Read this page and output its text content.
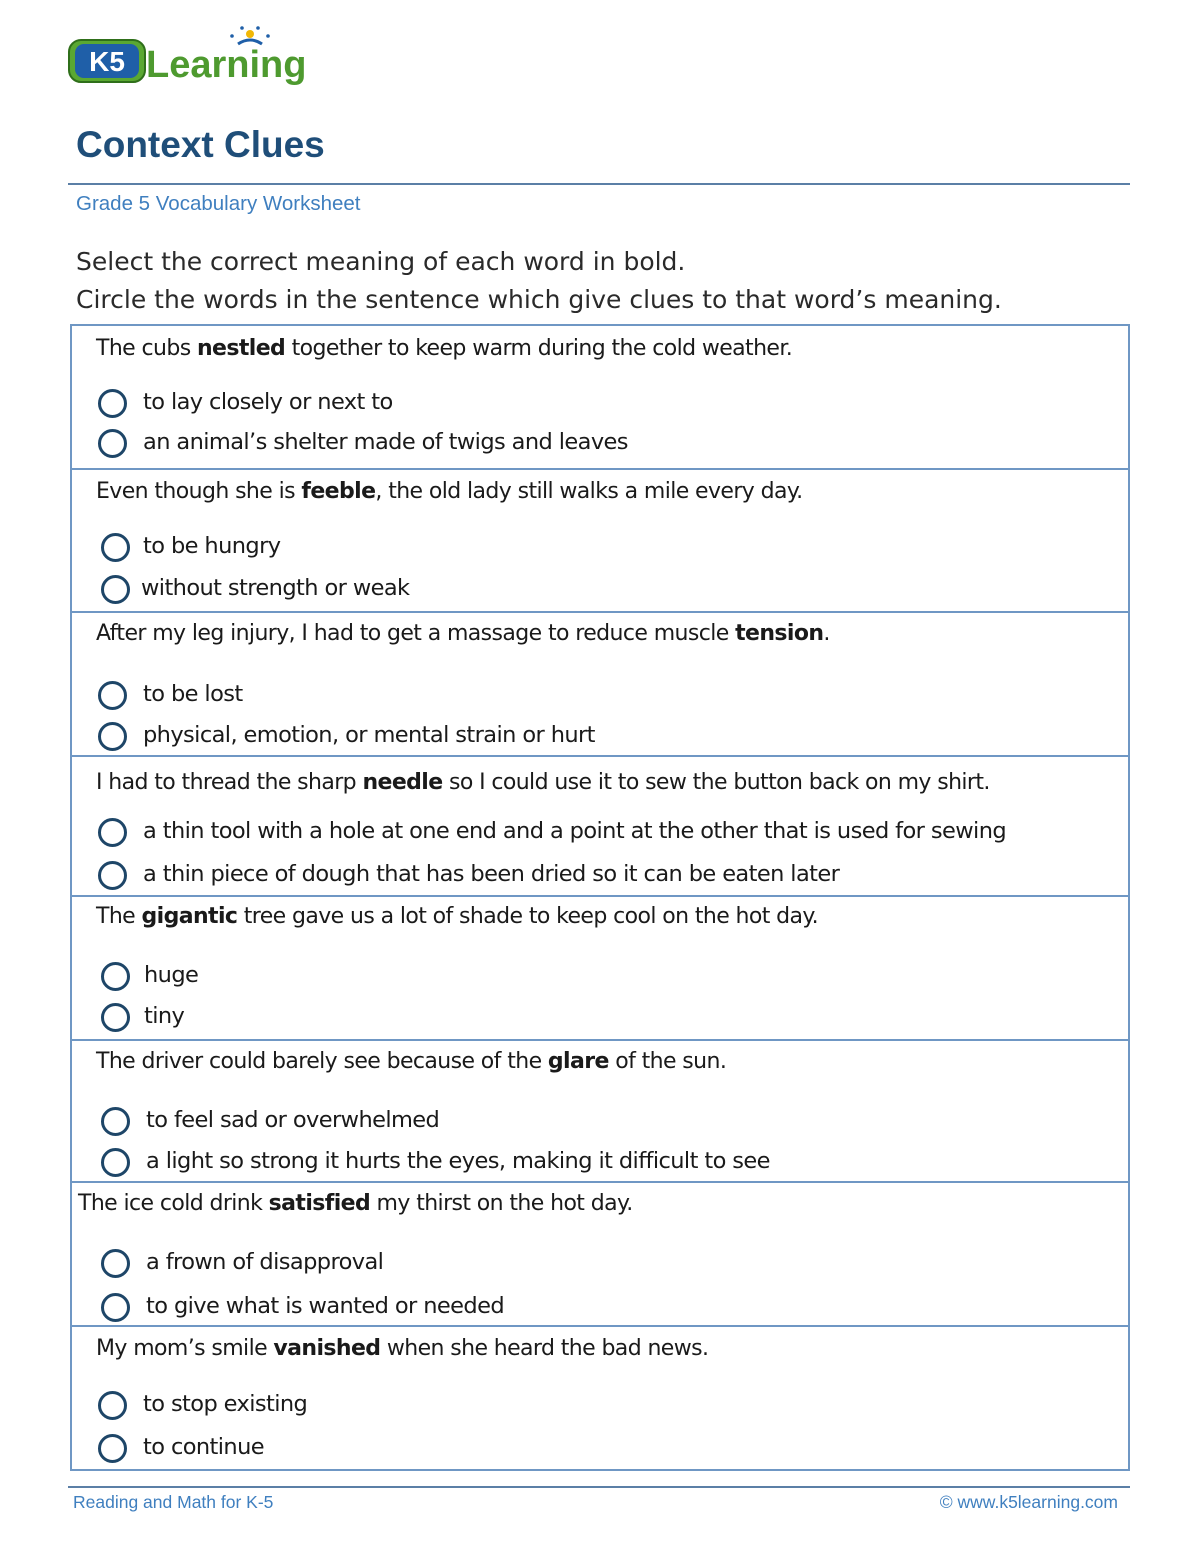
K5 Learning
Context Clues
Grade 5 Vocabulary Worksheet
Select the correct meaning of each word in bold.
Circle the words in the sentence which give clues to that word’s meaning.
The cubs nestled together to keep warm during the cold weather.
to lay closely or next to
an animal’s shelter made of twigs and leaves
Even though she is feeble, the old lady still walks a mile every day.
to be hungry
without strength or weak
After my leg injury, I had to get a massage to reduce muscle tension.
to be lost
physical, emotion, or mental strain or hurt
I had to thread the sharp needle so I could use it to sew the button back on my shirt.
a thin tool with a hole at one end and a point at the other that is used for sewing
a thin piece of dough that has been dried so it can be eaten later
The gigantic tree gave us a lot of shade to keep cool on the hot day.
huge
tiny
The driver could barely see because of the glare of the sun.
to feel sad or overwhelmed
a light so strong it hurts the eyes, making it difficult to see
The ice cold drink satisfied my thirst on the hot day.
a frown of disapproval
to give what is wanted or needed
My mom’s smile vanished when she heard the bad news.
to stop existing
to continue
Reading and Math for K-5	© www.k5learning.com
